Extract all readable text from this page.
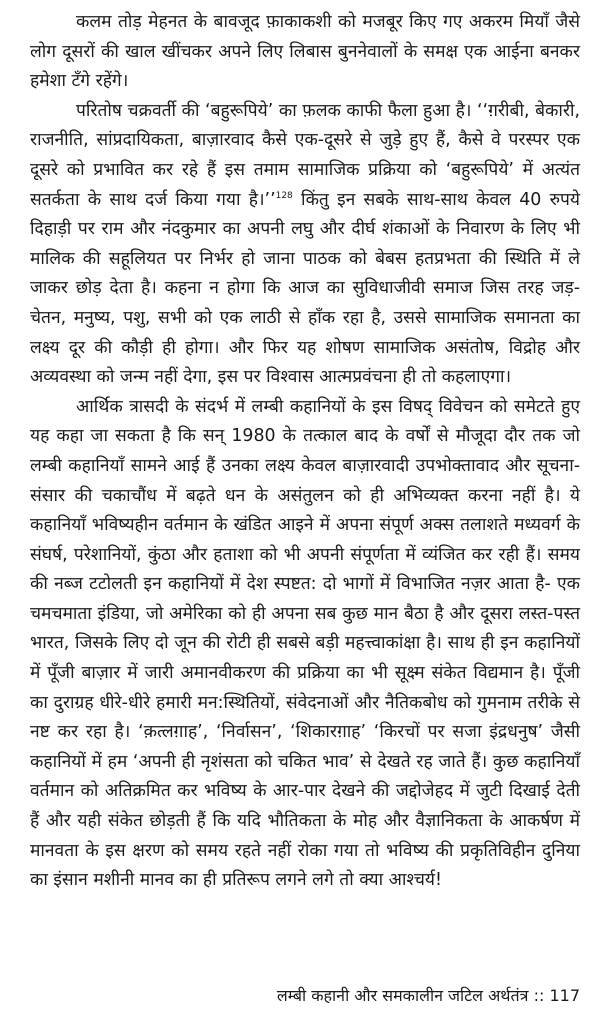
कलम तोड़ मेहनत के बावजूद फ़ाकाकशी को मजबूर किए गए अकरम मियाँ जैसे लोग दूसरों की खाल खींचकर अपने लिए लिबास बुननेवालों के समक्ष एक आईना बनकर हमेशा टँगे रहेंगे।

परितोष चक्रवर्ती की ‘बहुरूपिये’ का फ़लक काफी फैला हुआ है। ‘‘ग़रीबी, बेकारी, राजनीति, सांप्रदायिकता, बाज़ारवाद कैसे एक-दूसरे से जुड़े हुए हैं, कैसे वे परस्पर एक दूसरे को प्रभावित कर रहे हैं इस तमाम सामाजिक प्रक्रिया को ‘बहुरूपिये’ में अत्यंत सतर्कता के साथ दर्ज किया गया है।’’$^{128}$ किंतु इन सबके साथ-साथ केवल 40 रुपये दिहाड़ी पर राम और नंदकुमार का अपनी लघु और दीर्घ शंकाओं के निवारण के लिए भी मालिक की सहूलियत पर निर्भर हो जाना पाठक को बेबस हतप्रभता की स्थिति में ले जाकर छोड़ देता है। कहना न होगा कि आज का सुविधाजीवी समाज जिस तरह जड़-चेतन, मनुष्य, पशु, सभी को एक लाठी से हाँक रहा है, उससे सामाजिक समानता का लक्ष्य दूर की कौड़ी ही होगा। और फिर यह शोषण सामाजिक असंतोष, विद्रोह और अव्यवस्था को जन्म नहीं देगा, इस पर विश्वास आत्मप्रवंचना ही तो कहलाएगा।

आर्थिक त्रासदी के संदर्भ में लम्बी कहानियों के इस विषद् विवेचन को समेटते हुए यह कहा जा सकता है कि सन् 1980 के तत्काल बाद के वर्षों से मौजूदा दौर तक जो लम्बी कहानियाँ सामने आई हैं उनका लक्ष्य केवल बाज़ारवादी उपभोक्तावाद और सूचना-संसार की चकाचौंध में बढ़ते धन के असंतुलन को ही अभिव्यक्त करना नहीं है। ये कहानियाँ भविष्यहीन वर्तमान के खंडित आइने में अपना संपूर्ण अक्स तलाशते मध्यवर्ग के संघर्ष, परेशानियों, कुंठा और हताशा को भी अपनी संपूर्णता में व्यंजित कर रही हैं। समय की नब्ज टटोलती इन कहानियों में देश स्पष्टत: दो भागों में विभाजित नज़र आता है- एक चमचमाता इंडिया, जो अमेरिका को ही अपना सब कुछ मान बैठा है और दूसरा लस्त-पस्त भारत, जिसके लिए दो जून की रोटी ही सबसे बड़ी महत्त्वाकांक्षा है। साथ ही इन कहानियों में पूँजी बाज़ार में जारी अमानवीकरण की प्रक्रिया का भी सूक्ष्म संकेत विद्यमान है। पूँजी का दुराग्रह धीरे-धीरे हमारी मन:स्थितियों, संवेदनाओं और नैतिकबोध को गुमनाम तरीके से नष्ट कर रहा है। ‘क़त्लग़ाह’, ‘निर्वासन’, ‘शिकारग़ाह’ ‘किरचों पर सजा इंद्रधनुष’ जैसी कहानियों में हम ‘अपनी ही नृशंसता को चकित भाव’ से देखते रह जाते हैं। कुछ कहानियाँ वर्तमान को अतिक्रमित कर भविष्य के आर-पार देखने की जद्दोजेहद में जुटी दिखाई देती हैं और यही संकेत छोड़ती हैं कि यदि भौतिकता के मोह और वैज्ञानिकता के आकर्षण में मानवता के इस क्षरण को समय रहते नहीं रोका गया तो भविष्य की प्रकृतिविहीन दुनिया का इंसान मशीनी मानव का ही प्रतिरूप लगने लगे तो क्या आश्चर्य!

लम्बी कहानी और समकालीन जटिल अर्थतंत्र :: 117
